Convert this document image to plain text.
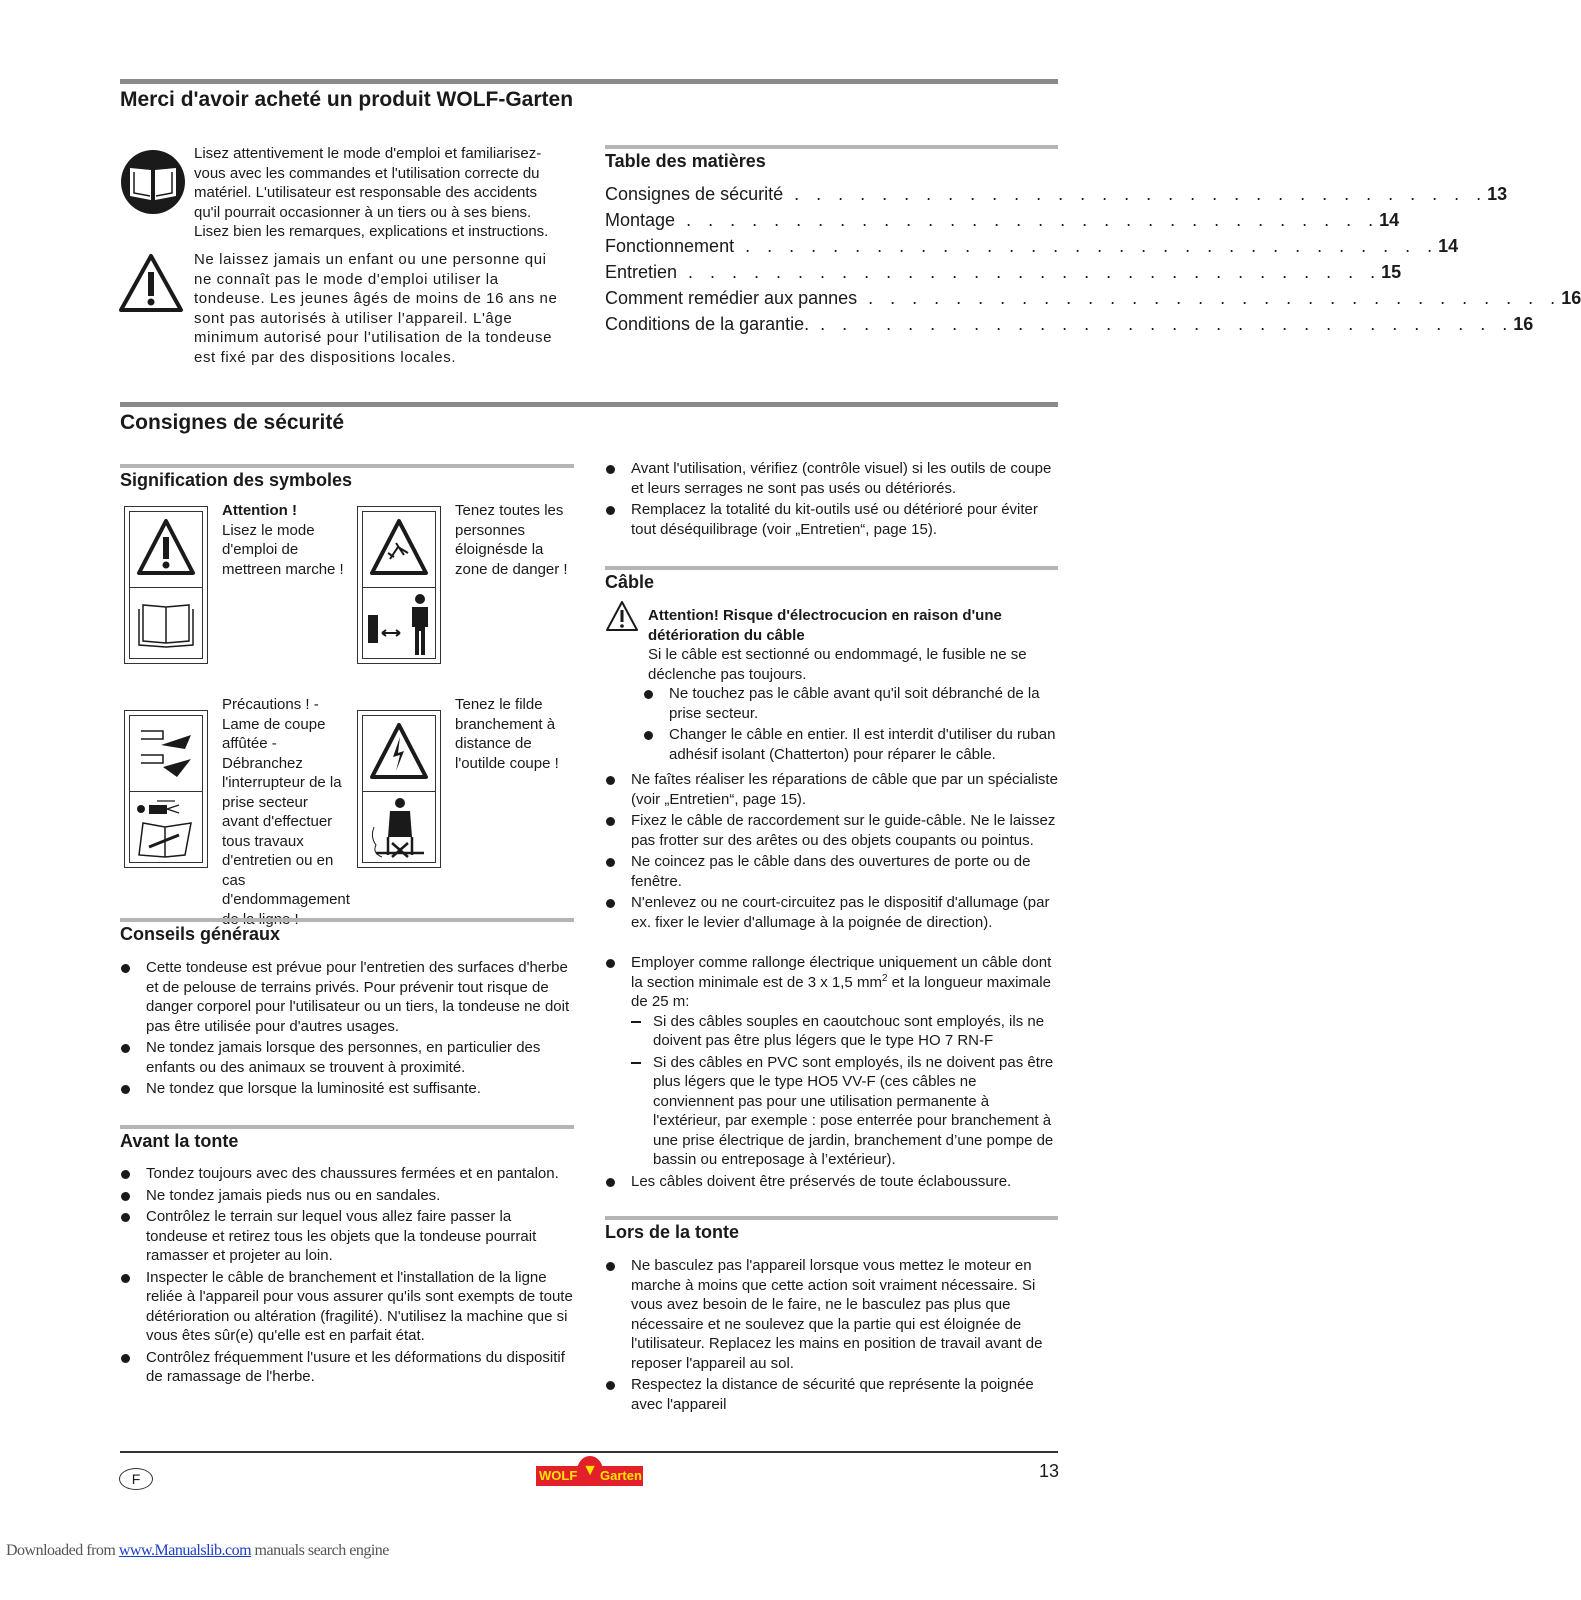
Merci d'avoir acheté un produit WOLF-Garten
Lisez attentivement le mode d'emploi et familiarisez-vous avec les commandes et l'utilisation correcte du matériel. L'utilisateur est responsable des accidents qu'il pourrait occasionner à un tiers ou à ses biens. Lisez bien les remarques, explications et instructions.
Ne laissez jamais un enfant ou une personne qui ne connaît pas le mode d'emploi utiliser la tondeuse. Les jeunes âgés de moins de 16 ans ne sont pas autorisés à utiliser l'appareil. L'âge minimum autorisé pour l'utilisation de la tondeuse est fixé par des dispositions locales.
Table des matières
Consignes de sécurité . . . . . . . . . . . . . . . . . . . . . . . . . . . . . . . . 13
Montage . . . . . . . . . . . . . . . . . . . . . . . . . . . . . . . . 14
Fonctionnement . . . . . . . . . . . . . . . . . . . . . . . . . . . . . . . . 14
Entretien . . . . . . . . . . . . . . . . . . . . . . . . . . . . . . . . 15
Comment remédier aux pannes . . . . . . . . . . . . . . . . . . . . . . . . . . . . . . . . 16
Conditions de la garantie. . . . . . . . . . . . . . . . . . . . . . . . . . . . . . . . . 16
Consignes de sécurité
Signification des symboles
Attention !
Lisez le mode d'emploi de mettreen marche !
Tenez toutes les personnes éloignésde la zone de danger !
Précautions ! - Lame de coupe affûtée - Débranchez l'interrupteur de la prise secteur avant d'effectuer tous travaux d'entretien ou en cas d'endommagement
Tenez le filde branchement à distance de l'outilde coupe !
Conseils généraux
Cette tondeuse est prévue pour l'entretien des surfaces d'herbe et de pelouse de terrains privés. Pour prévenir tout risque de danger corporel pour l'utilisateur ou un tiers, la tondeuse ne doit pas être utilisée pour d'autres usages.
Ne tondez jamais lorsque des personnes, en particulier des enfants ou des animaux se trouvent à proximité.
Ne tondez que lorsque la luminosité est suffisante.
Avant la tonte
Tondez toujours avec des chaussures fermées et en pantalon.
Ne tondez jamais pieds nus ou en sandales.
Contrôlez le terrain sur lequel vous allez faire passer la tondeuse et retirez tous les objets que la tondeuse pourrait ramasser et projeter au loin.
Inspecter le câble de branchement et l'installation de la ligne reliée à l'appareil pour vous assurer qu'ils sont exempts de toute détérioration ou altération (fragilité). N'utilisez la machine que si vous êtes sûr(e) qu'elle est en parfait état.
Contrôlez fréquemment l'usure et les déformations du dispositif de ramassage de l'herbe.
Avant l'utilisation, vérifiez (contrôle visuel) si les outils de coupe et leurs serrages ne sont pas usés ou détériorés.
Remplacez la totalité du kit-outils usé ou détérioré pour éviter tout déséquilibrage (voir „Entretien“, page 15).
Câble
Attention! Risque d'électrocucion en raison d'une détérioration du câble
Si le câble est sectionné ou endommagé, le fusible ne se déclenche pas toujours.
Ne touchez pas le câble avant qu'il soit débranché de la prise secteur.
Changer le câble en entier. Il est interdit d'utiliser du ruban adhésif isolant (Chatterton) pour réparer le câble.
Ne faîtes réaliser les réparations de câble que par un spécialiste (voir „Entretien“, page 15).
Fixez le câble de raccordement sur le guide-câble. Ne le laissez pas frotter sur des arêtes ou des objets coupants ou pointus.
Ne coincez pas le câble dans des ouvertures de porte ou de fenêtre.
N'enlevez ou ne court-circuitez pas le dispositif d'allumage (par ex. fixer le levier d'allumage à la poignée de direction).
Employer comme rallonge électrique uniquement un câble dont la section minimale est de 3 x 1,5 $mm^2$ et la longueur maximale de 25 m:
Si des câbles souples en caoutchouc sont employés, ils ne doivent pas être plus légers que le type HO 7 RN-F
Si des câbles en PVC sont employés, ils ne doivent pas être plus légers que le type HO5 VV-F (ces câbles ne conviennent pas pour une utilisation permanente à l'extérieur, par exemple : pose enterrée pour branchement à une prise électrique de jardin, branchement d’une pompe de bassin ou entreposage à l’extérieur).
Les câbles doivent être préservés de toute éclaboussure.
Lors de la tonte
Ne basculez pas l'appareil lorsque vous mettez le moteur en marche à moins que cette action soit vraiment nécessaire. Si vous avez besoin de le faire, ne le basculez pas plus que nécessaire et ne soulevez que la partie qui est éloignée de l'utilisateur. Replacez les mains en position de travail avant de reposer l'appareil au sol.
Respectez la distance de sécurité que représente la poignée avec l'appareil
F	WOLF ▼ Garten	13
Downloaded from www.Manualslib.com manuals search engine
